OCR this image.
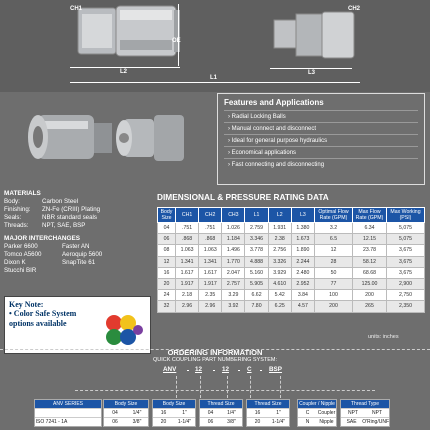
OE
CH1
L2
L1
CH2
L3
Features and Applications
› Radial Locking Balls
› Manual connect and disconnect
› Ideal for general purpose hydraulics
› Economical applications
› Fast connecting and disconnecting
MATERIALS
Body:	Carbon Steel
Finishing:	ZN-Fe (CRIII) Plating
Seals:	NBR standard seals
Threads:	NPT, SAE, BSP
MAJOR INTERCHANGES
Parker 6600	Faster AN
Tomco A5600	Aeroquip 5600
Dixon K	SnapTite 61
Stucchi BIR
Key Note:
• Color Safe System options available
DIMENSIONAL & PRESSURE RATING DATA
Body Size	CH1	CH2	CH3	L1	L2	L3	Optimal Flow Rate (GPM)	Max Flow Rate (GPM)	Max Working (PSI)
04	.751	.751	1.026	2.759	1.931	1.380	3.2	6.34	5,075
06	.868	.868	1.184	3.346	2.38	1.673	6.5	12.15	5,075
08	1.063	1.063	1.496	3.778	2.756	1.890	12	23.78	3,675
12	1.341	1.341	1.770	4.888	3.326	2.244	28	58.12	3,675
16	1.617	1.617	2.047	5.160	3.929	2.480	50	68.68	3,675
20	1.917	1.917	2.757	5.905	4.610	2.952	77	125.00	2,900
24	2.18	2.35	3.29	6.62	5.42	3.84	100	200	2,750
32	2.96	2.96	3.92	7.80	6.25	4.57	200	265	2,350
units: inches
ORDERING INFORMATION
QUICK COUPLING PART NUMBERING SYSTEM:
ANV	12	12	C	BSP
ANV SERIES
ISO 7241 - 1A
Body Size
04	1/4"
06	3/8"
Body Size
16	1"
20	1-1/4"
Thread Size
04	1/4"
06	3/8"
Thread Size
16	1"
20	1-1/4"
Coupler / Nipple
C	Coupler
N	Nipple
Thread Type
NPT	NPT
SAE	O'Ring/UNF
